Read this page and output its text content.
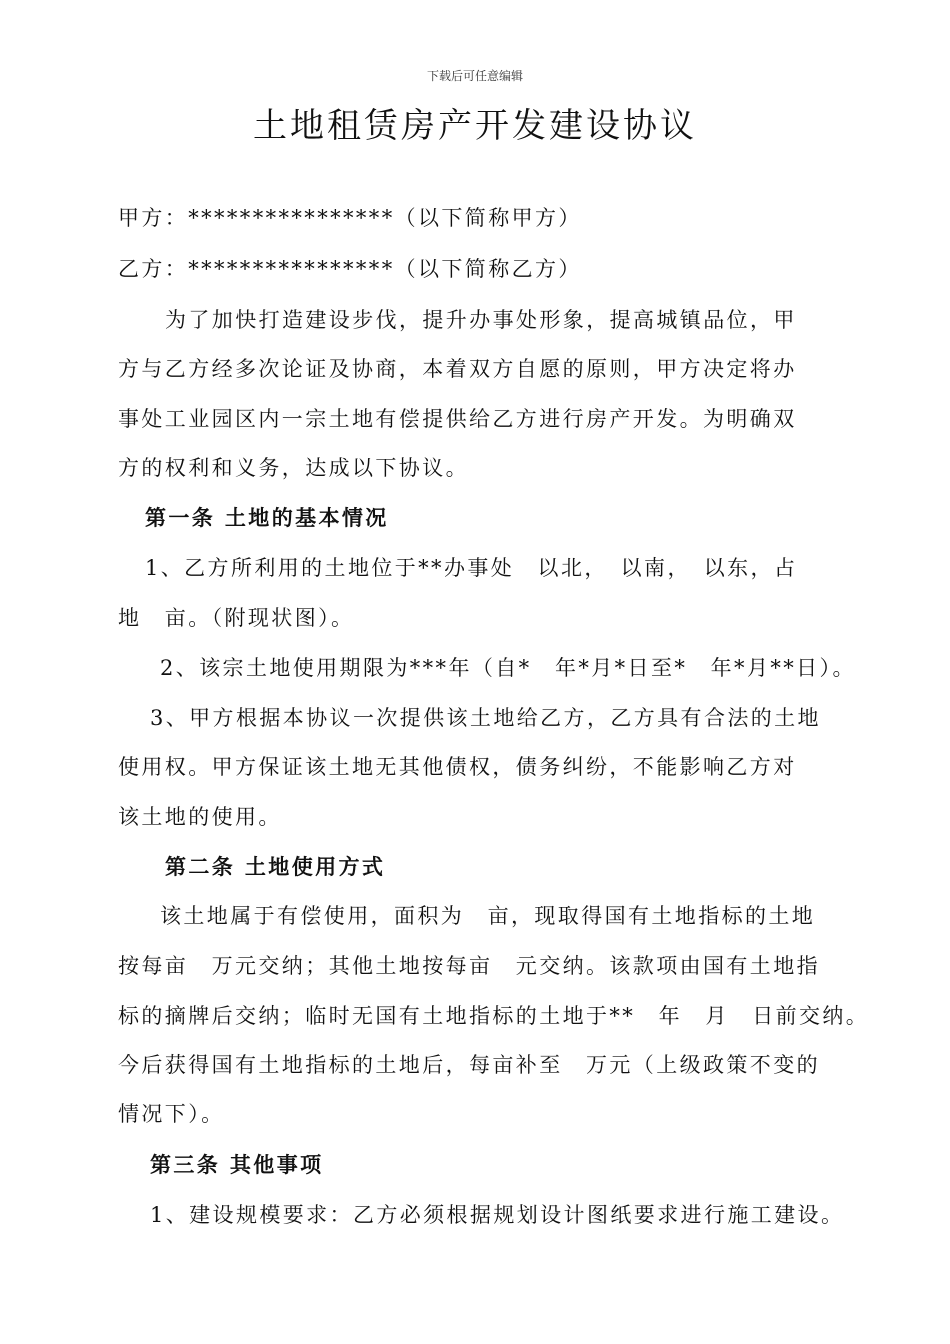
下载后可任意编辑
土地租赁房产开发建设协议
甲方：****************（以下简称甲方）
乙方：****************（以下简称乙方）
为了加快打造建设步伐，提升办事处形象，提高城镇品位，甲
方与乙方经多次论证及协商，本着双方自愿的原则，甲方决定将办
事处工业园区内一宗土地有偿提供给乙方进行房产开发。为明确双
方的权利和义务，达成以下协议。
第一条 土地的基本情况
1、乙方所利用的土地位于**办事处　以北，　以南，　以东，占
地　亩。（附现状图）。
2、该宗土地使用期限为***年（自*　年*月*日至*　年*月**日）。
3、甲方根据本协议一次提供该土地给乙方，乙方具有合法的土地
使用权。甲方保证该土地无其他债权，债务纠纷，不能影响乙方对
该土地的使用。
第二条 土地使用方式
该土地属于有偿使用，面积为　亩，现取得国有土地指标的土地
按每亩　万元交纳；其他土地按每亩　元交纳。该款项由国有土地指
标的摘牌后交纳；临时无国有土地指标的土地于**　年　月　日前交纳。
今后获得国有土地指标的土地后，每亩补至　万元（上级政策不变的
情况下）。
第三条 其他事项
1、建设规模要求：乙方必须根据规划设计图纸要求进行施工建设。
